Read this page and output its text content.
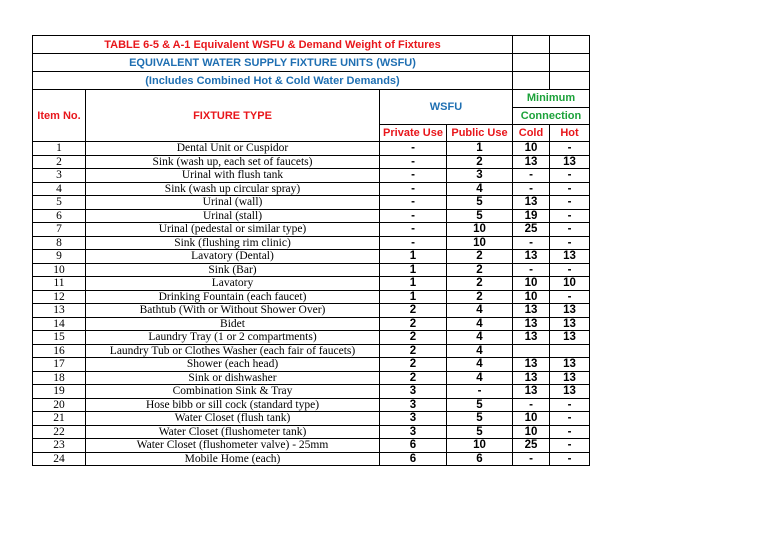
TABLE 6-5 & A-1 Equivalent WSFU & Demand Weight of Fixtures					
EQUIVALENT WATER SUPPLY FIXTURE UNITS (WSFU)					
(Includes Combined Hot & Cold Water Demands)					
Item No.	FIXTURE TYPE	WSFU		Minimum	
				Connection	
		Private Use	Public Use	Cold	Hot
1	Dental Unit or Cuspidor	-	1	10	-
2	Sink (wash up, each set of faucets)	-	2	13	13
3	Urinal with flush tank	-	3	-	-
4	Sink (wash up circular spray)	-	4	-	-
5	Urinal (wall)	-	5	13	-
6	Urinal (stall)	-	5	19	-
7	Urinal (pedestal or similar type)	-	10	25	-
8	Sink (flushing rim clinic)	-	10	-	-
9	Lavatory (Dental)	1	2	13	13
10	Sink (Bar)	1	2	-	-
11	Lavatory	1	2	10	10
12	Drinking Fountain (each faucet)	1	2	10	-
13	Bathtub (With or Without Shower Over)	2	4	13	13
14	Bidet	2	4	13	13
15	Laundry Tray (1 or 2 compartments)	2	4	13	13
16	Laundry Tub or Clothes Washer (each fair of faucets)	2	4		
17	Shower (each head)	2	4	13	13
18	Sink or dishwasher	2	4	13	13
19	Combination Sink & Tray	3	-	13	13
20	Hose bibb or sill cock (standard type)	3	5	-	-
21	Water Closet (flush tank)	3	5	10	-
22	Water Closet (flushometer tank)	3	5	10	-
23	Water Closet (flushometer valve) - 25mm	6	10	25	-
24	Mobile Home (each)	6	6	-	-
